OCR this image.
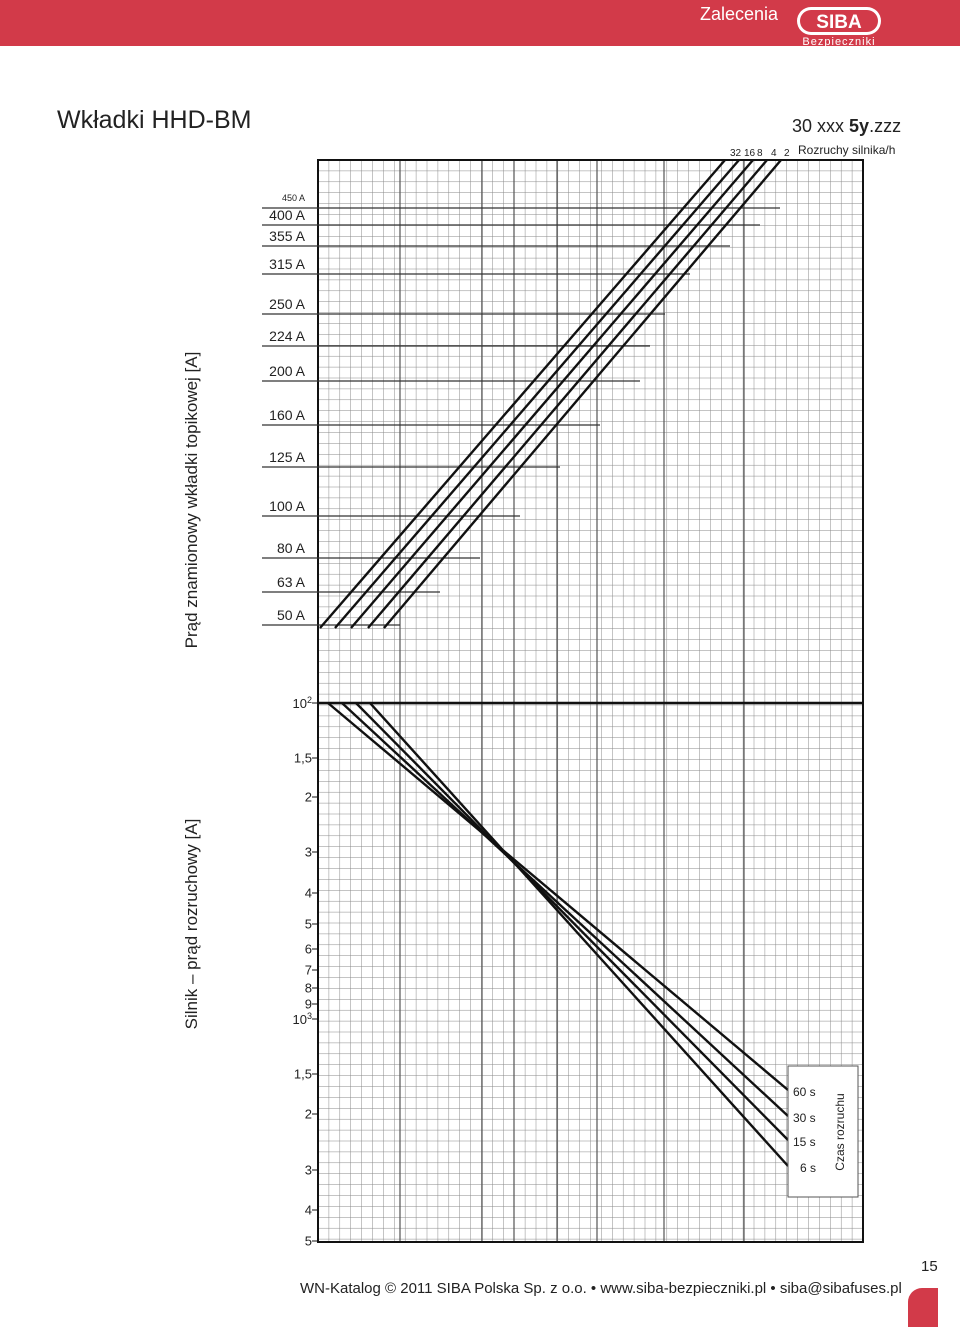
Zalecenia SIBA
Bezpieczniki
Wkładki HHD-BM	30 xxx 5y.zzz
Rozruchy silnika/h
32 16 8 4 2
Prąd znamionowy wkładki topikowej [A]
Silnik – prąd rozruchowy [A]
450 A
400 A
355 A
315 A
250 A
224 A
200 A
160 A
125 A
100 A
80 A
63 A
50 A
$10^2$
1,5
2
3
4
5
6
7
8
9
$10^3$
1,5
2
3
4
5
60 s
30 s
15 s
6 s Czas rozruchu
WN-Katalog © 2011 SIBA Polska Sp. z o.o. • www.siba-bezpieczniki.pl • siba@sibafuses.pl
15
